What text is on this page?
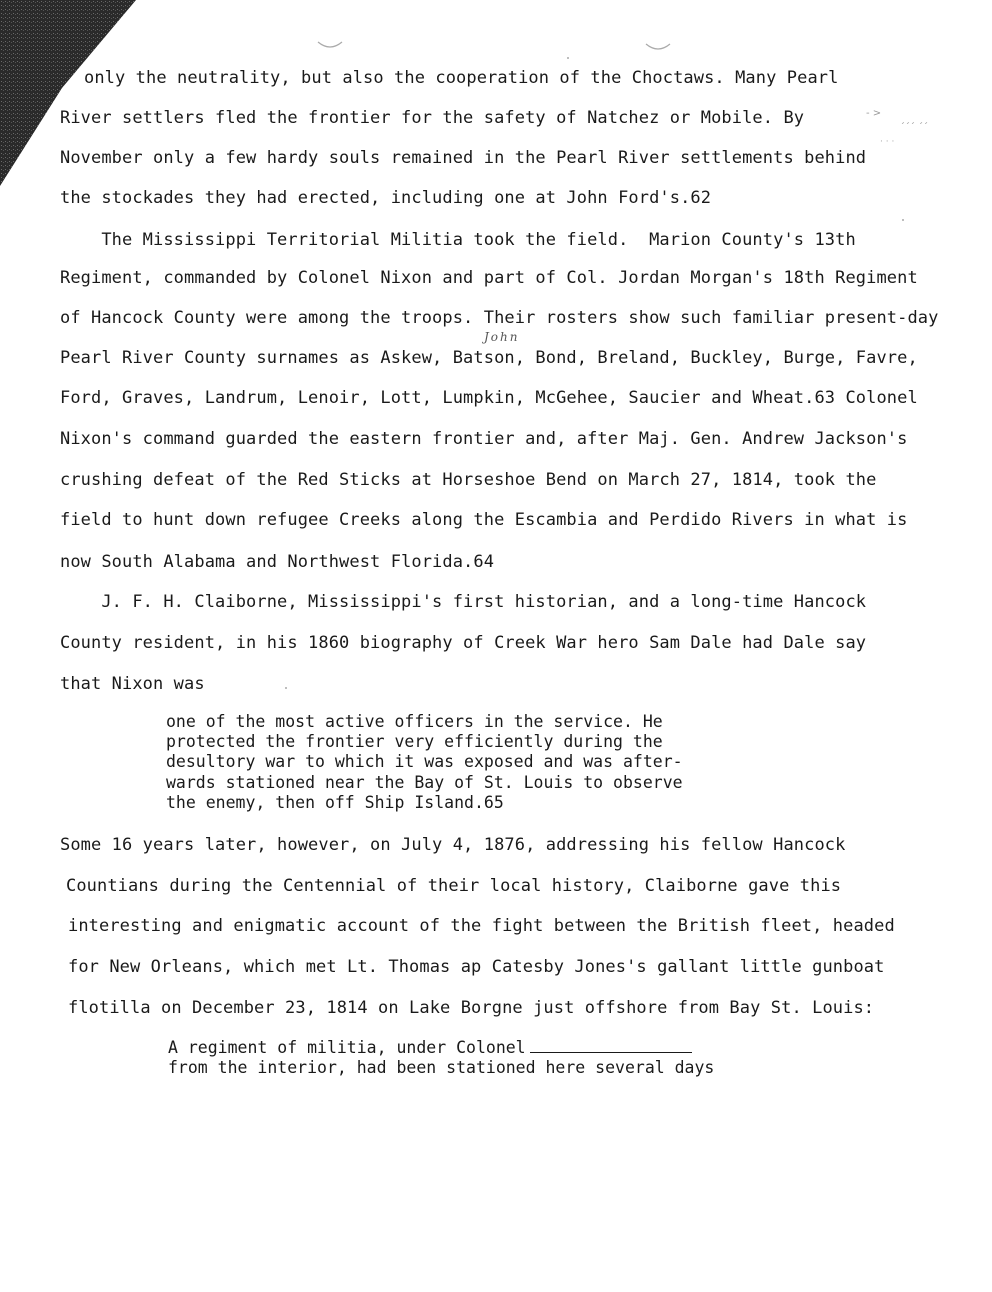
- >
´´´ ´´
· · ·
only the neutrality, but also the cooperation of the Choctaws. Many Pearl
River settlers fled the frontier for the safety of Natchez or Mobile. By
November only a few hardy souls remained in the Pearl River settlements behind
the stockades they had erected, including one at John Ford's.62
The Mississippi Territorial Militia took the field.  Marion County's 13th
Regiment, commanded by Colonel Nixon and part of Col. Jordan Morgan's 18th Regiment
of Hancock County were among the troops. Their rosters show such familiar present-day
Pearl River County surnames as Askew, Batson, Bond, Breland, Buckley, Burge, Favre,
Ford, Graves, Landrum, Lenoir, Lott, Lumpkin, McGehee, Saucier and Wheat.63 Colonel
Nixon's command guarded the eastern frontier and, after Maj. Gen. Andrew Jackson's
crushing defeat of the Red Sticks at Horseshoe Bend on March 27, 1814, took the
field to hunt down refugee Creeks along the Escambia and Perdido Rivers in what is
now South Alabama and Northwest Florida.64
J. F. H. Claiborne, Mississippi's first historian, and a long-time Hancock
County resident, in his 1860 biography of Creek War hero Sam Dale had Dale say
that Nixon was
John
one of the most active officers in the service. He
protected the frontier very efficiently during the
desultory war to which it was exposed and was after-
wards stationed near the Bay of St. Louis to observe
the enemy, then off Ship Island.65
Some 16 years later, however, on July 4, 1876, addressing his fellow Hancock
Countians during the Centennial of their local history, Claiborne gave this
interesting and enigmatic account of the fight between the British fleet, headed
for New Orleans, which met Lt. Thomas ap Catesby Jones's gallant little gunboat
flotilla on December 23, 1814 on Lake Borgne just offshore from Bay St. Louis:
A regiment of militia, under Colonel
from the interior, had been stationed here several days
